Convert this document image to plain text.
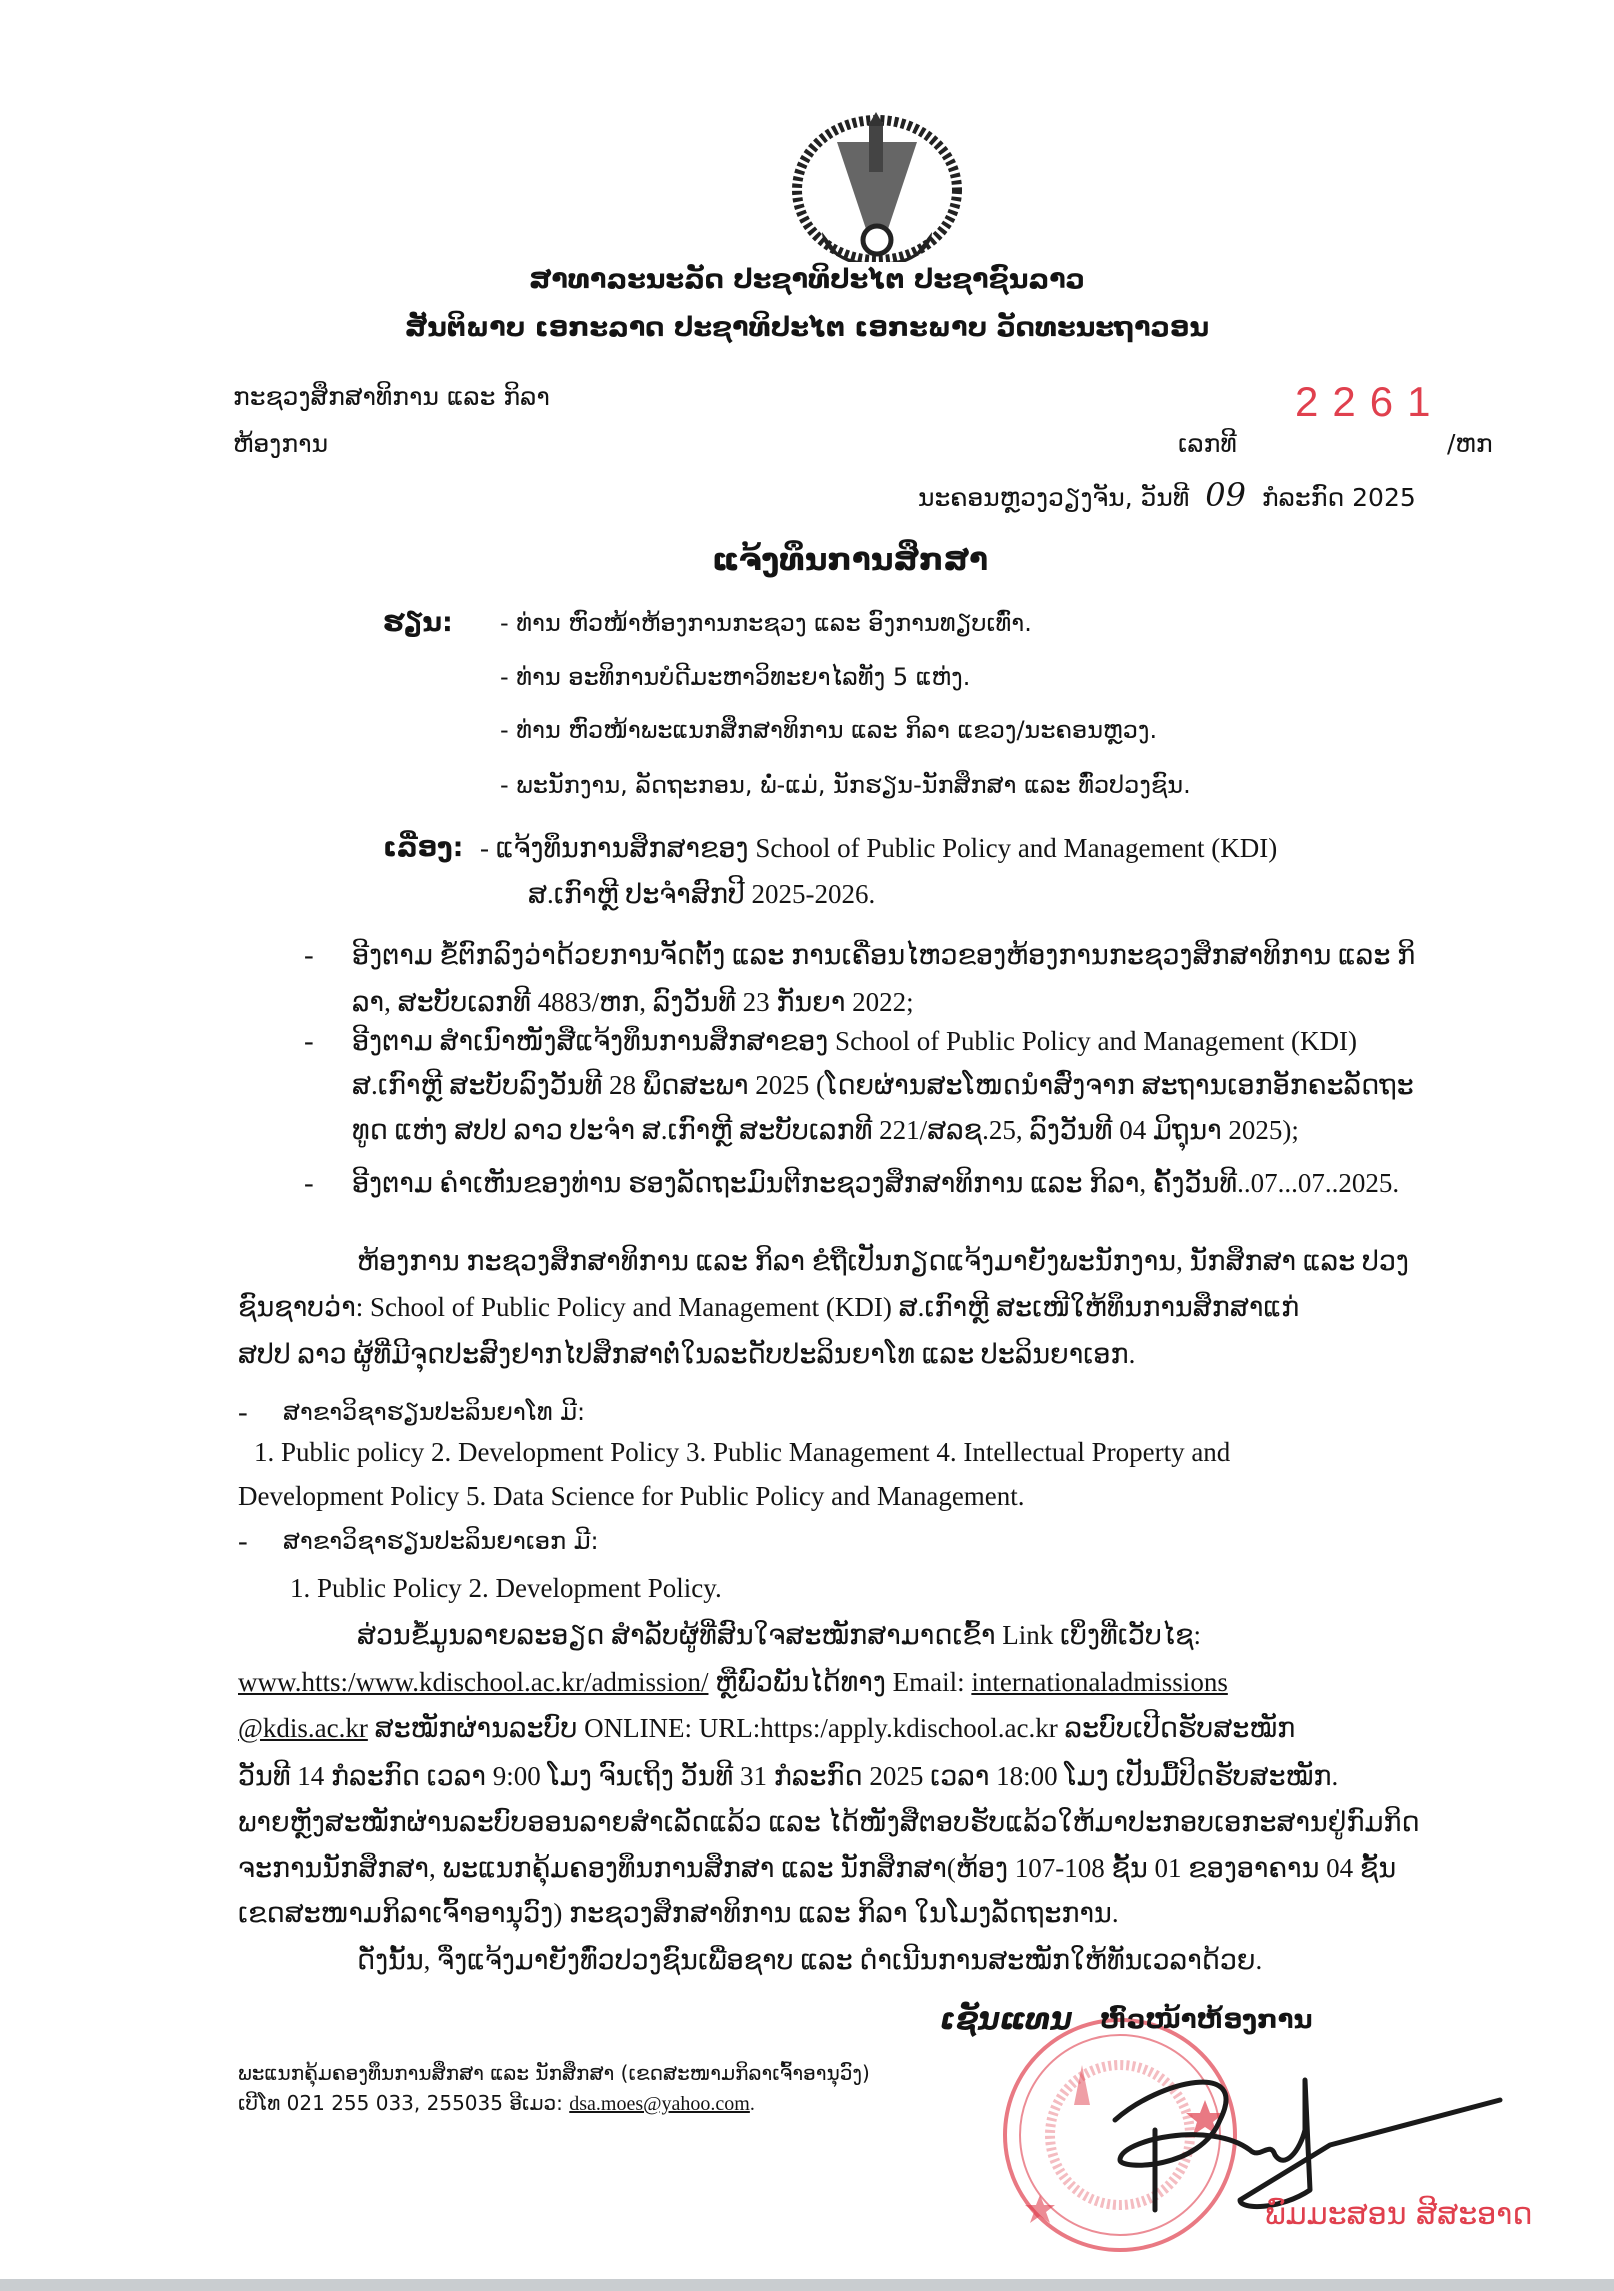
ສາທາລະນະລັດ ປະຊາທິປະໄຕ ປະຊາຊົນລາວ
ສັນຕິພາບ ເອກະລາດ ປະຊາທິປະໄຕ ເອກະພາບ ວັດທະນະຖາວອນ
ກະຊວງສຶກສາທິການ ແລະ ກິລາ
ຫ້ອງການ	ເລກທີ
2261
/ຫກ
ນະຄອນຫຼວງວຽງຈັນ, ວັນທີ 09 ກໍລະກົດ 2025
ແຈ້ງທຶນການສຶກສາ
ຮຽນ: - ທ່ານ ຫົວໜ້າຫ້ອງການກະຊວງ ແລະ ອົງການທຽບເທົ່າ.
- ທ່ານ ອະທິການບໍດີມະຫາວິທະຍາໄລທັງ 5 ແຫ່ງ.
- ທ່ານ ຫົວໜ້າພະແນກສຶກສາທິການ ແລະ ກິລາ ແຂວງ/ນະຄອນຫຼວງ.
- ພະນັກງານ, ລັດຖະກອນ, ພໍ່-ແມ່, ນັກຮຽນ-ນັກສຶກສາ ແລະ ທົ່ວປວງຊົນ.
ເລື່ອງ: - ແຈ້ງທຶນການສຶກສາຂອງ School of Public Policy and Management (KDI)
ສ.ເກົາຫຼີ ປະຈຳສົກປີ 2025-2026.
- ອີງຕາມ ຂໍ້ຕົກລົງວ່າດ້ວຍການຈັດຕັ້ງ ແລະ ການເຄື່ອນໄຫວຂອງຫ້ອງການກະຊວງສຶກສາທິການ ແລະ ກິ
ລາ, ສະບັບເລກທີ 4883/ຫກ, ລົງວັນທີ 23 ກັນຍາ 2022;
- ອີງຕາມ ສຳເນົາໜັງສືແຈ້ງທຶນການສຶກສາຂອງ School of Public Policy and Management (KDI)
ສ.ເກົາຫຼີ ສະບັບລົງວັນທີ 28 ພຶດສະພາ 2025 (ໂດຍຜ່ານສະໂໜດນຳສົ່ງຈາກ ສະຖານເອກອັກຄະລັດຖະ
ທູດ ແຫ່ງ ສປປ ລາວ ປະຈຳ ສ.ເກົາຫຼີ ສະບັບເລກທີ 221/ສລຊ.25, ລົງວັນທີ 04 ມິຖຸນາ 2025);
- ອີງຕາມ ຄຳເຫັນຂອງທ່ານ ຮອງລັດຖະມົນຕີກະຊວງສຶກສາທິການ ແລະ ກິລາ, ຄັ້ງວັນທີ..07...07..2025.
ຫ້ອງການ ກະຊວງສຶກສາທິການ ແລະ ກິລາ ຂໍຖືເປັນກຽດແຈ້ງມາຍັງພະນັກງານ, ນັກສຶກສາ ແລະ ປວງ
ຊົນຊາບວ່າ: School of Public Policy and Management (KDI) ສ.ເກົາຫຼີ ສະເໜີໃຫ້ທຶນການສຶກສາແກ່
ສປປ ລາວ ຜູ້ທີ່ມີຈຸດປະສົງຢາກໄປສຶກສາຕໍ່ໃນລະດັບປະລິນຍາໂທ ແລະ ປະລິນຍາເອກ.
- ສາຂາວິຊາຮຽນປະລິນຍາໂທ ມີ:
1. Public policy 2. Development Policy 3. Public Management 4. Intellectual Property and
Development Policy 5. Data Science for Public Policy and Management.
- ສາຂາວິຊາຮຽນປະລິນຍາເອກ ມີ:
1. Public Policy 2. Development Policy.
ສ່ວນຂໍ້ມູນລາຍລະອຽດ ສຳລັບຜູ້ທີ່ສົນໃຈສະໝັກສາມາດເຂົ້າ Link ເບິ່ງທີ່ເວັບໄຊ:
www.htts:/www.kdischool.ac.kr/admission/ ຫຼືພົວພັນໄດ້ທາງ Email: internationaladmissions
@kdis.ac.kr ສະໝັກຜ່ານລະບົບ ONLINE: URL:https:/apply.kdischool.ac.kr ລະບົບເປີດຮັບສະໝັກ
ວັນທີ 14 ກໍລະກົດ ເວລາ 9:00 ໂມງ ຈົນເຖິງ ວັນທີ 31 ກໍລະກົດ 2025 ເວລາ 18:00 ໂມງ ເປັນມື້ປິດຮັບສະໝັກ.
ພາຍຫຼັງສະໝັກຜ່ານລະບົບອອນລາຍສຳເລັດແລ້ວ ແລະ ໄດ້ໜັງສືຕອບຮັບແລ້ວໃຫ້ມາປະກອບເອກະສານຢູ່ກົມກິດ
ຈະການນັກສຶກສາ, ພະແນກຄຸ້ມຄອງທຶນການສຶກສາ ແລະ ນັກສຶກສາ(ຫ້ອງ 107-108 ຊັ້ນ 01 ຂອງອາຄານ 04 ຊັ້ນ
ເຂດສະໜາມກິລາເຈົ້າອານຸວົງ) ກະຊວງສຶກສາທິການ ແລະ ກິລາ ໃນໂມງລັດຖະການ.
ດັ່ງນັ້ນ, ຈຶ່ງແຈ້ງມາຍັງທົ່ວປວງຊົນເພື່ອຊາບ ແລະ ດຳເນີນການສະໝັກໃຫ້ທັນເວລາດ້ວຍ.
ເຊັນແທນ ຫົວໜ້າຫ້ອງການ
ພົມມະສອນ ສີສະອາດ
ພະແນກຄຸ້ມຄອງທຶນການສຶກສາ ແລະ ນັກສຶກສາ (ເຂດສະໜາມກິລາເຈົ້າອານຸວົງ)
ເບີໂທ 021 255 033, 255035 ອີເມວ: dsa.moes@yahoo.com.
